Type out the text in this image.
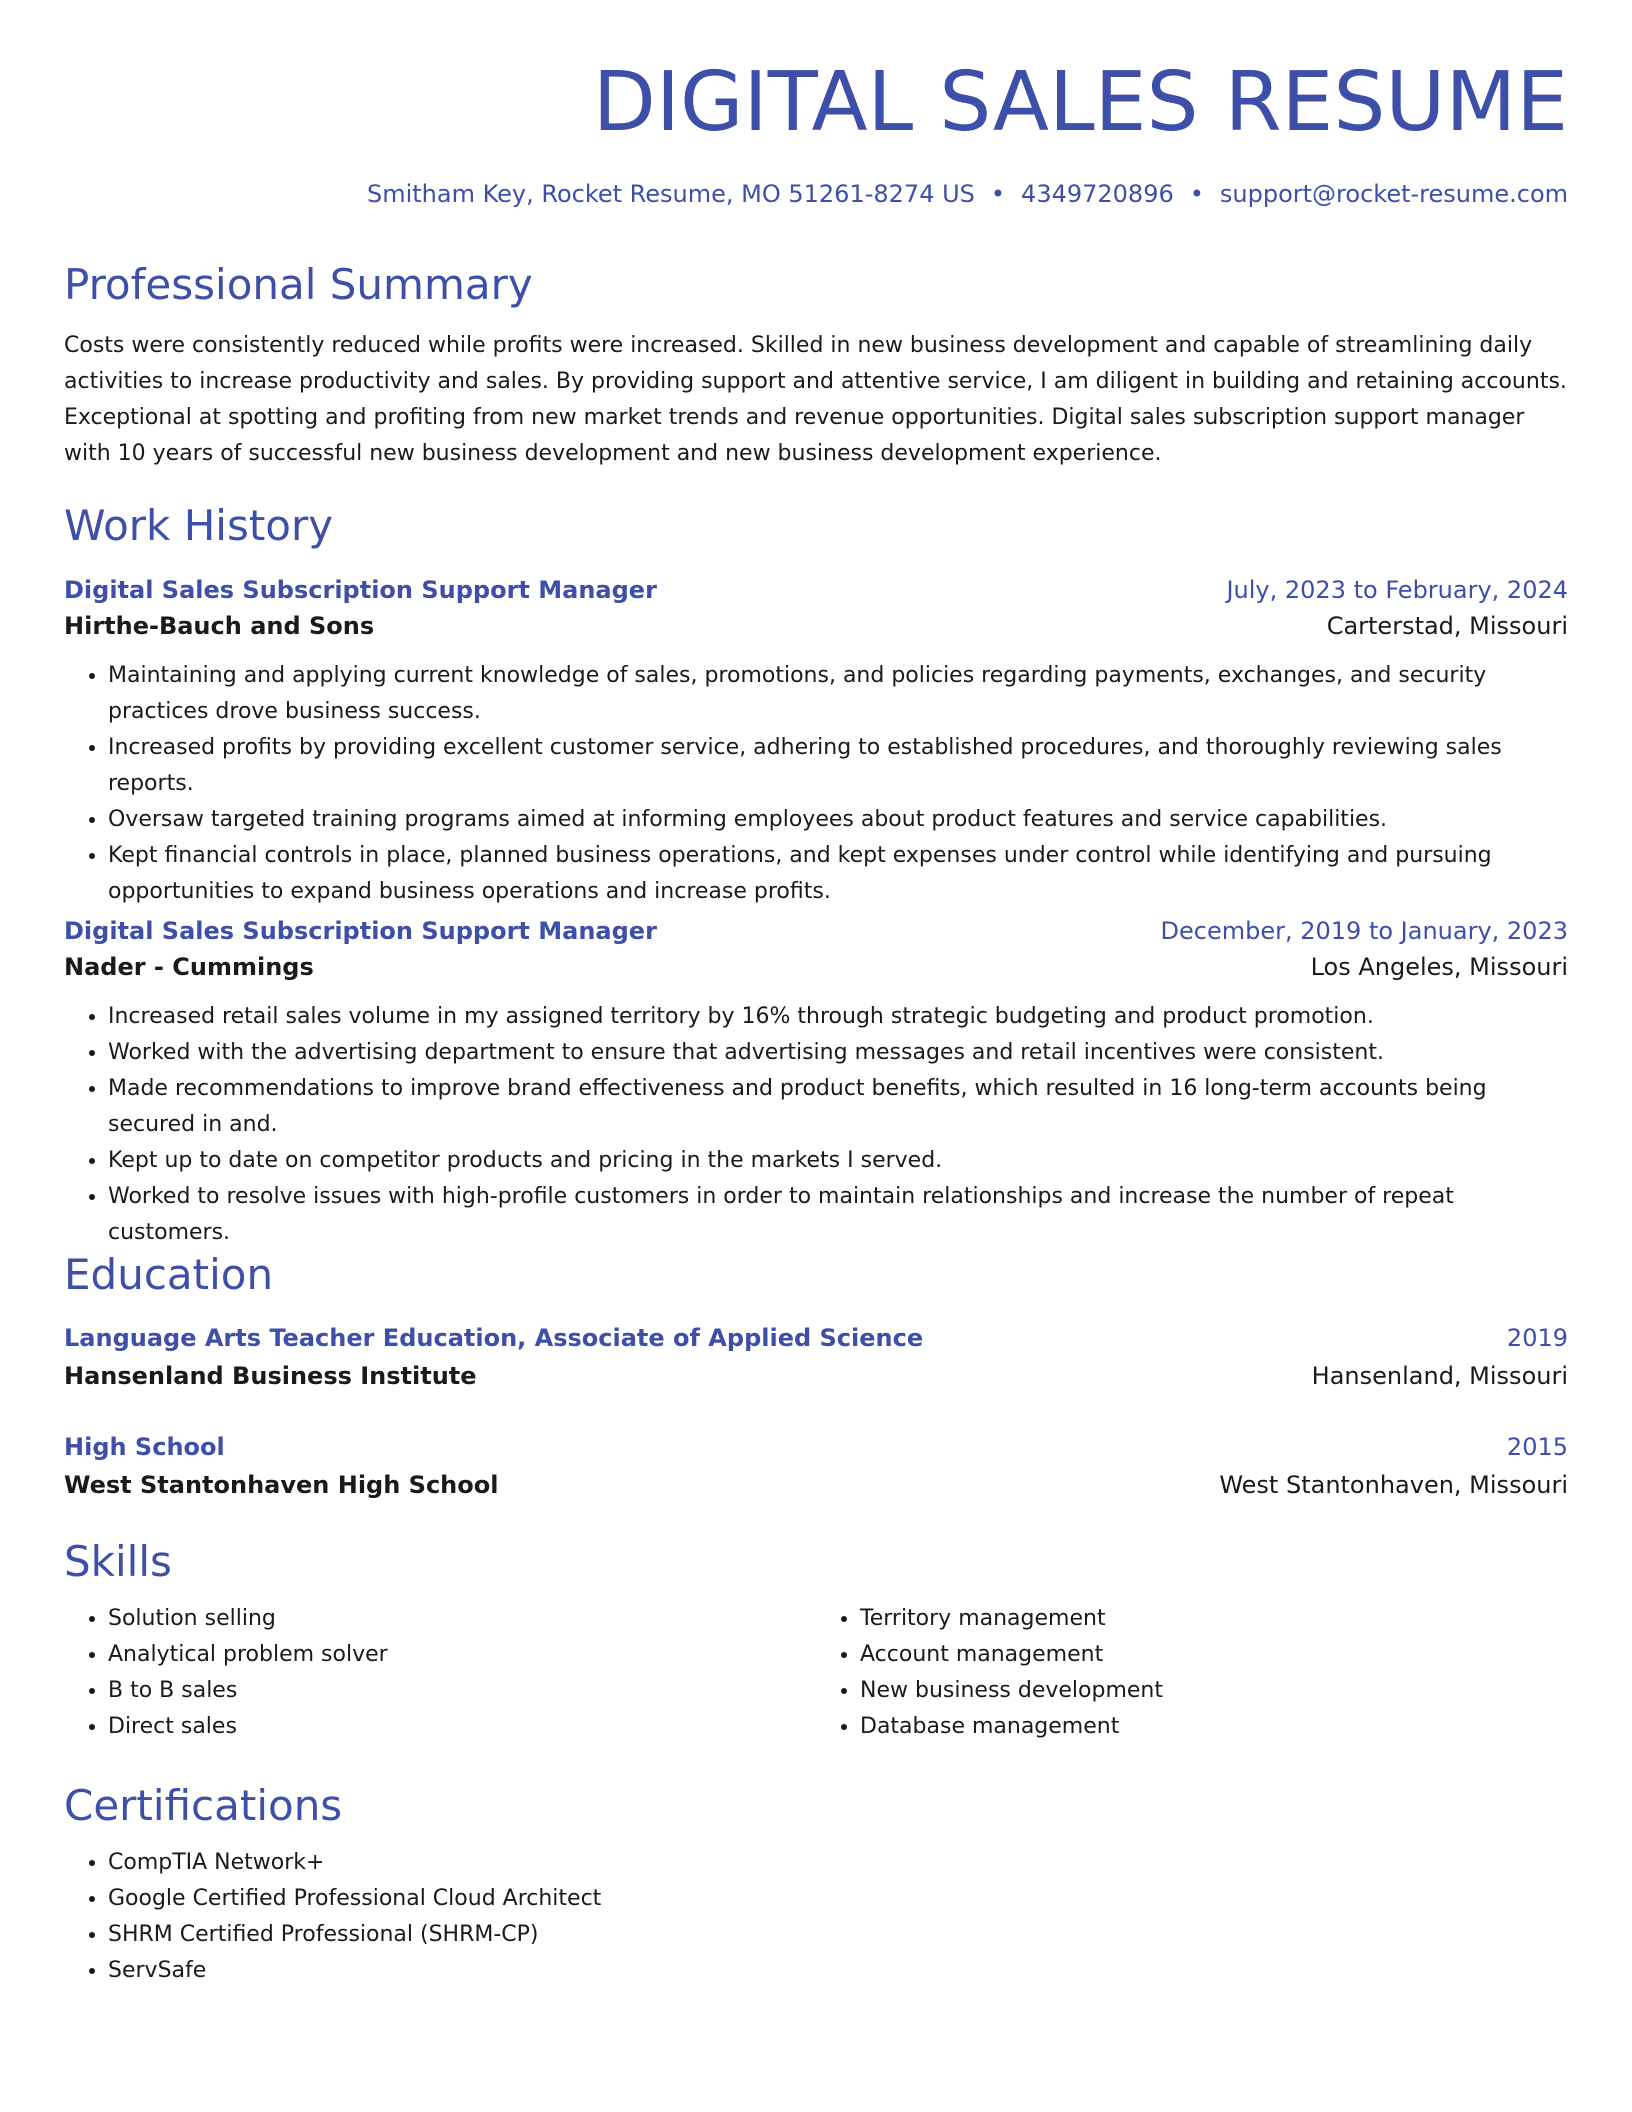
DIGITAL SALES RESUME
Smitham Key, Rocket Resume, MO 51261-8274 US • 4349720896 • support@rocket-resume.com
Professional Summary

Costs were consistently reduced while profits were increased. Skilled in new business development and capable of streamlining daily activities to increase productivity and sales. By providing support and attentive service, I am diligent in building and retaining accounts. Exceptional at spotting and profiting from new market trends and revenue opportunities. Digital sales subscription support manager with 10 years of successful new business development and new business development experience.

Work History
Digital Sales Subscription Support Manager	July, 2023 to February, 2024
Hirthe-Bauch and Sons	Carterstad, Missouri
• Maintaining and applying current knowledge of sales, promotions, and policies regarding payments, exchanges, and security practices drove business success.
• Increased profits by providing excellent customer service, adhering to established procedures, and thoroughly reviewing sales reports.
• Oversaw targeted training programs aimed at informing employees about product features and service capabilities.
• Kept financial controls in place, planned business operations, and kept expenses under control while identifying and pursuing opportunities to expand business operations and increase profits.
Digital Sales Subscription Support Manager	December, 2019 to January, 2023
Nader - Cummings	Los Angeles, Missouri
• Increased retail sales volume in my assigned territory by 16% through strategic budgeting and product promotion.
• Worked with the advertising department to ensure that advertising messages and retail incentives were consistent.
• Made recommendations to improve brand effectiveness and product benefits, which resulted in 16 long-term accounts being secured in and.
• Kept up to date on competitor products and pricing in the markets I served.
• Worked to resolve issues with high-profile customers in order to maintain relationships and increase the number of repeat customers.
Education
Language Arts Teacher Education, Associate of Applied Science	2019
Hansenland Business Institute	Hansenland, Missouri
High School	2015
West Stantonhaven High School	West Stantonhaven, Missouri
Skills
• Solution selling
• Analytical problem solver
• B to B sales
• Direct sales
• Territory management
• Account management
• New business development
• Database management
Certifications
• CompTIA Network+
• Google Certified Professional Cloud Architect
• SHRM Certified Professional (SHRM-CP)
• ServSafe
